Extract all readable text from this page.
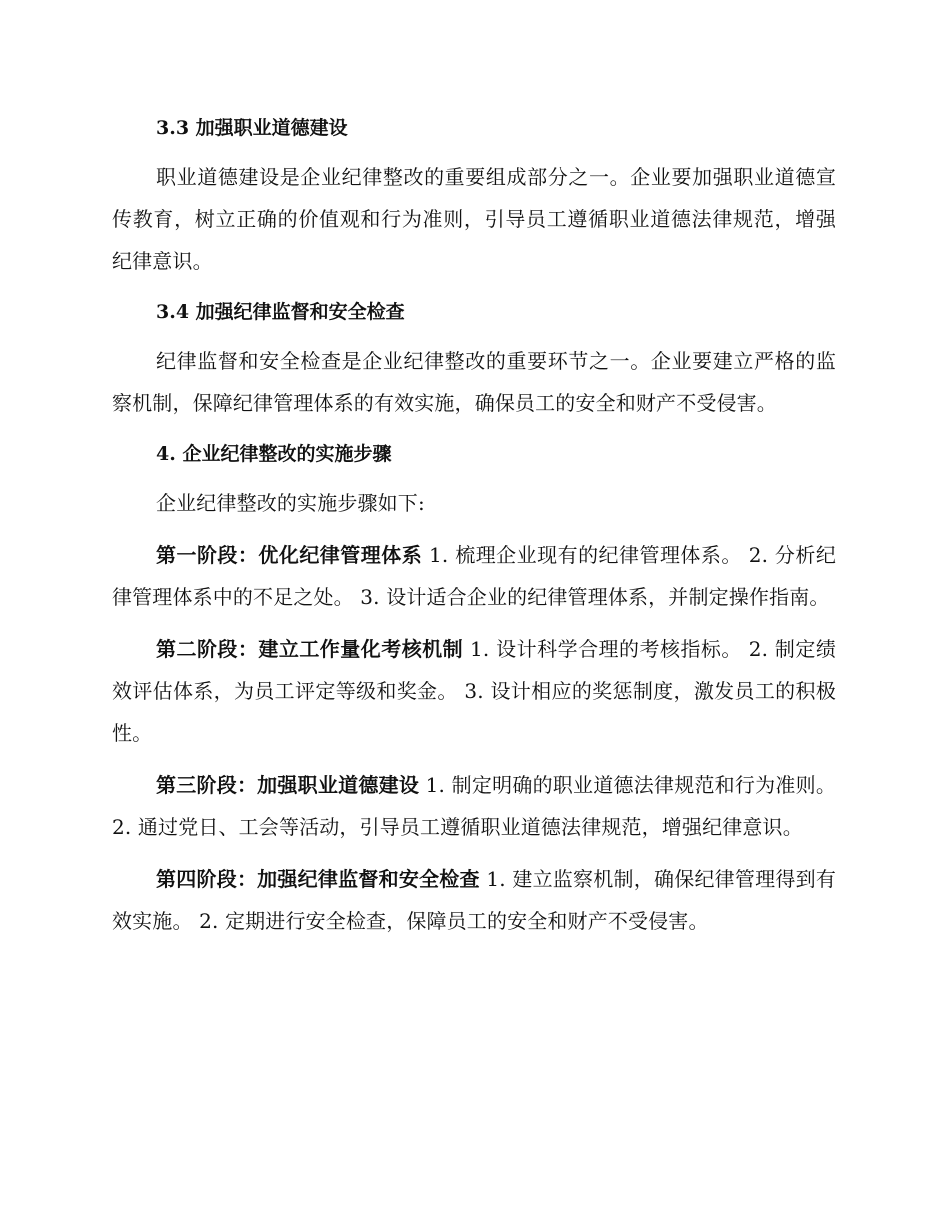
3.3 加强职业道德建设

职业道德建设是企业纪律整改的重要组成部分之一。企业要加强职业道德宣传教育，树立正确的价值观和行为准则，引导员工遵循职业道德法律规范，增强纪律意识。

3.4 加强纪律监督和安全检查

纪律监督和安全检查是企业纪律整改的重要环节之一。企业要建立严格的监察机制，保障纪律管理体系的有效实施，确保员工的安全和财产不受侵害。

4. 企业纪律整改的实施步骤

企业纪律整改的实施步骤如下:

第一阶段：优化纪律管理体系 1. 梳理企业现有的纪律管理体系。 2. 分析纪律管理体系中的不足之处。 3. 设计适合企业的纪律管理体系，并制定操作指南。

第二阶段：建立工作量化考核机制 1. 设计科学合理的考核指标。 2. 制定绩效评估体系，为员工评定等级和奖金。 3. 设计相应的奖惩制度，激发员工的积极性。

第三阶段：加强职业道德建设 1. 制定明确的职业道德法律规范和行为准则。 2. 通过党日、工会等活动，引导员工遵循职业道德法律规范，增强纪律意识。

第四阶段：加强纪律监督和安全检查 1. 建立监察机制，确保纪律管理得到有效实施。 2. 定期进行安全检查，保障员工的安全和财产不受侵害。
